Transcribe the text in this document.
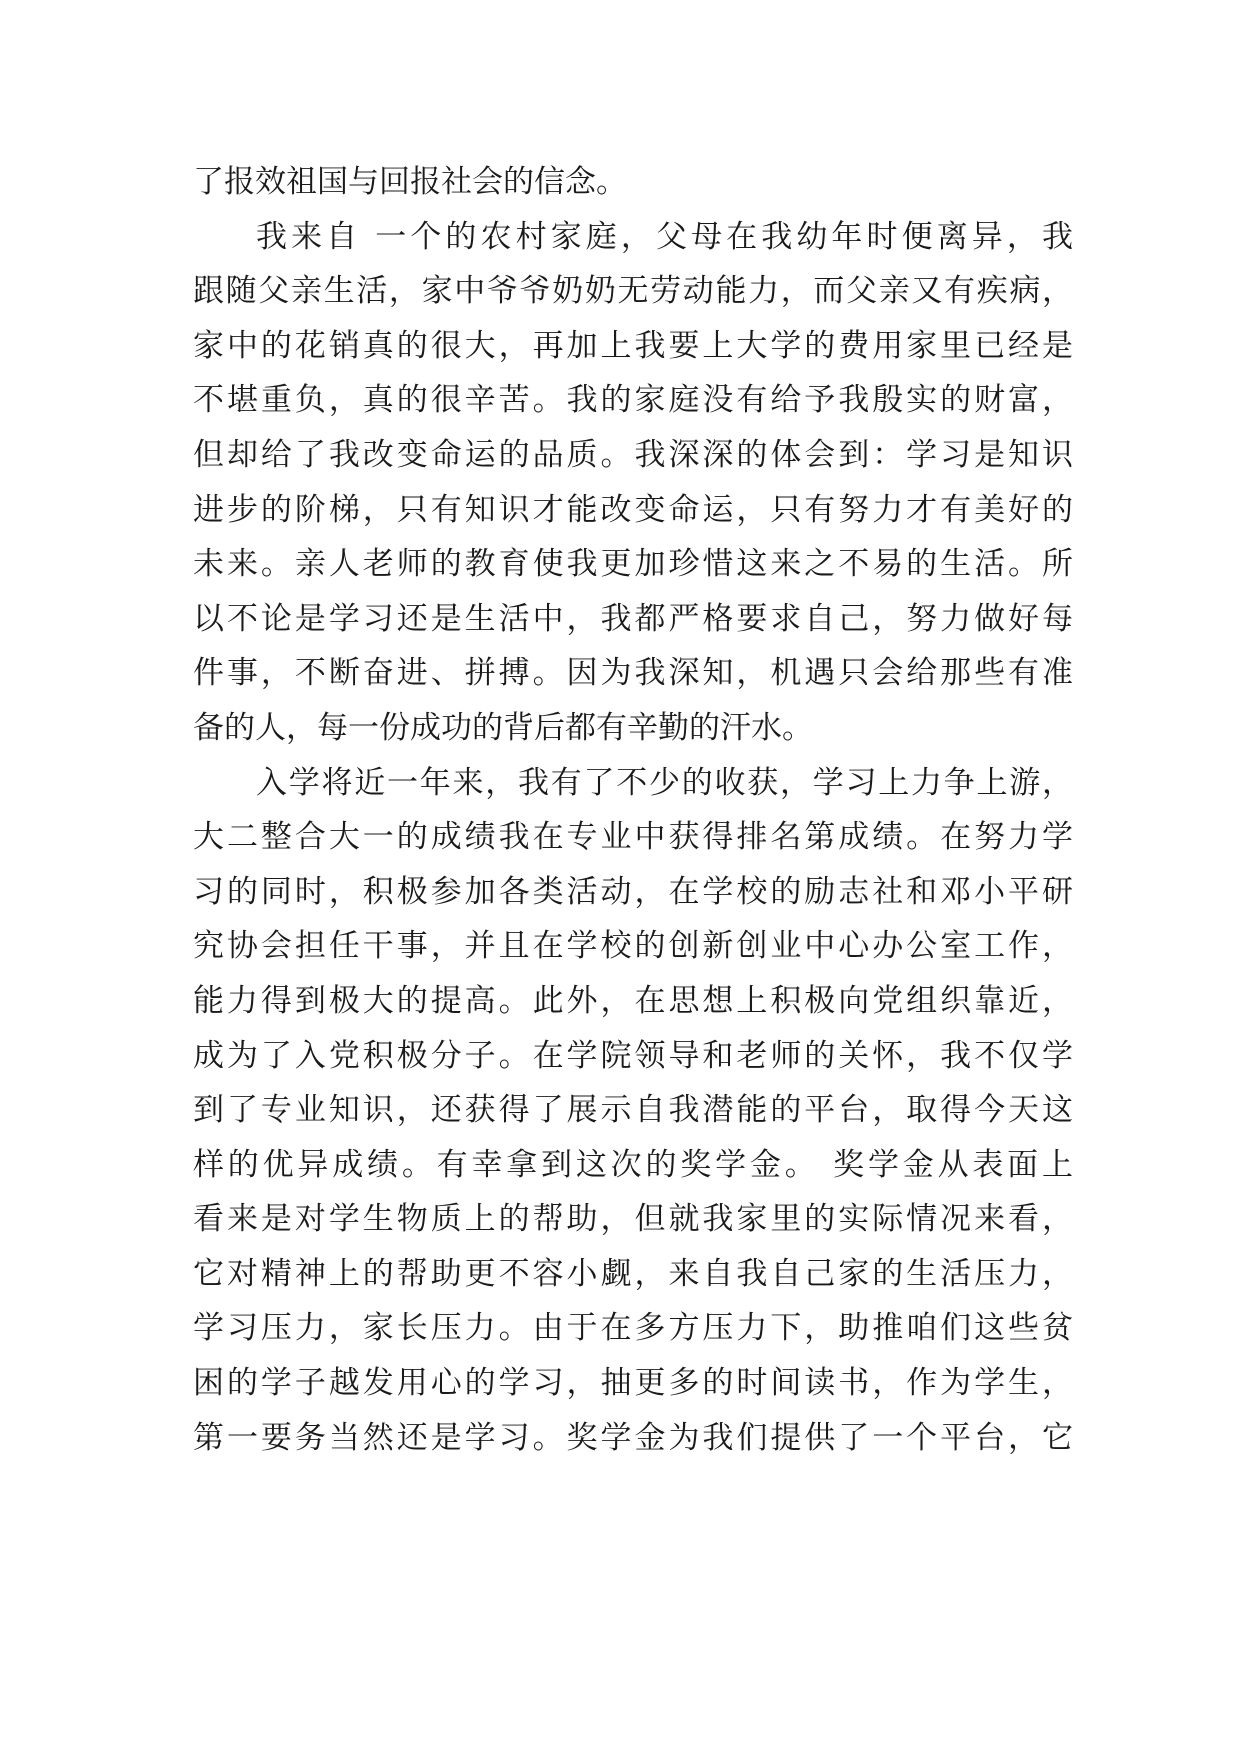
了报效祖国与回报社会的信念。
我来自 一个的农村家庭，父母在我幼年时便离异，我
跟随父亲生活，家中爷爷奶奶无劳动能力，而父亲又有疾病，
家中的花销真的很大，再加上我要上大学的费用家里已经是
不堪重负，真的很辛苦。我的家庭没有给予我殷实的财富，
但却给了我改变命运的品质。我深深的体会到：学习是知识
进步的阶梯，只有知识才能改变命运，只有努力才有美好的
未来。亲人老师的教育使我更加珍惜这来之不易的生活。所
以不论是学习还是生活中，我都严格要求自己，努力做好每
件事，不断奋进、拼搏。因为我深知，机遇只会给那些有准
备的人，每一份成功的背后都有辛勤的汗水。
入学将近一年来，我有了不少的收获，学习上力争上游，
大二整合大一的成绩我在专业中获得排名第成绩。在努力学
习的同时，积极参加各类活动，在学校的励志社和邓小平研
究协会担任干事，并且在学校的创新创业中心办公室工作，
能力得到极大的提高。此外，在思想上积极向党组织靠近，
成为了入党积极分子。在学院领导和老师的关怀，我不仅学
到了专业知识，还获得了展示自我潜能的平台，取得今天这
样的优异成绩。有幸拿到这次的奖学金。 奖学金从表面上
看来是对学生物质上的帮助，但就我家里的实际情况来看，
它对精神上的帮助更不容小觑，来自我自己家的生活压力，
学习压力，家长压力。由于在多方压力下，助推咱们这些贫
困的学子越发用心的学习，抽更多的时间读书，作为学生，
第一要务当然还是学习。奖学金为我们提供了一个平台，它
